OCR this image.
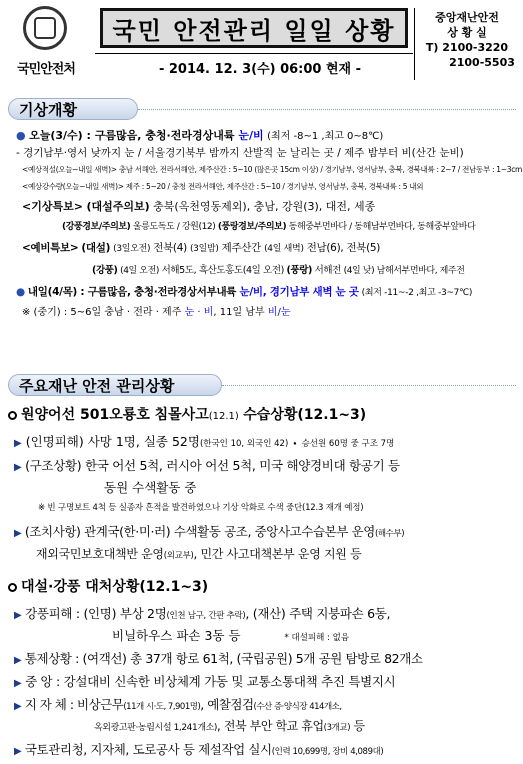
국민안전처
국민 안전관리 일일 상황
- 2014. 12. 3(수) 06:00 현재 -
중앙재난안전
상 황 실
T) 2100-3220
2100-5503
기상개황
● 오늘(3/수) : 구름많음, 충청·전라경상내륙 눈/비 (최저 -8~1 ,최고 0~8℃)
- 경기남부·영서 낮까지 눈 / 서울경기북부 밤까지 산발적 눈 날리는 곳 / 제주 밤부터 비(산간 눈비)
<예상적설(오늘~내일 새벽)> 충남 서해안, 전라서해안, 제주산간 : 5~10 (많은곳 15cm 이상) / 경기남부, 영서남부, 충북, 경북내륙 : 2~7 / 전남동부 : 1~3cm
<예상강수량(오늘~내일 새벽)> 제주 : 5~20 / 충청 전라서해안, 제주산간 : 5~10 / 경기남부, 영서남부, 충북, 경북내륙 : 5 내외
<기상특보> (대설주의보) 충북(옥천영동제외), 충남, 강원(3), 대전, 세종
(강풍경보/주의보) 울릉도독도 / 강원(12) (풍랑경보/주의보) 동해중부먼바다 / 동해남부먼바다, 동해중부앞바다
<예비특보> (대설) (3일오전) 전북(4) (3일밤) 제주산간 (4일 새벽) 전남(6), 전북(5)
(강풍) (4일 오전) 서해5도, 흑산도홍도(4일 오전) (풍랑) 서해전 (4일 낮) 남해서부먼바다, 제주전
● 내일(4/목) : 구름많음, 충청·전라경상서부내륙 눈/비, 경기남부 새벽 눈 곳 (최저 -11~-2 ,최고 -3~7℃)
※ (중기) : 5~6일 충남 · 전라 · 제주 눈 · 비, 11일 남부 비/눈
주요재난 안전 관리상황
원양어선 501오룡호 침몰사고(12.1) 수습상황(12.1~3)
▶ (인명피해) 사망 1명, 실종 52명(한국인 10, 외국인 42) ∙ 승선원 60명 중 구조 7명
▶ (구조상황) 한국 어선 5척, 러시아 어선 5척, 미국 해양경비대 항공기 등
동원 수색활동 중
※ 빈 구명보트 4척 등 실종자 흔적을 발견하였으나 기상 악화로 수색 중단(12.3 재개 예정)
▶ (조치사항) 관계국(한·미·러) 수색활동 공조, 중앙사고수습본부 운영(해수부)
재외국민보호대책반 운영(외교부), 민간 사고대책본부 운영 지원 등
대설·강풍 대처상황(12.1~3)
▶ 강풍피해 : (인명) 부상 2명(인천 남구, 간판 추락), (재산) 주택 지붕파손 6동,
비닐하우스 파손 3동 등	* 대설피해 : 없음
▶ 통제상황 : (여객선) 총 37개 항로 61척, (국립공원) 5개 공원 탐방로 82개소
▶ 중 앙 : 강설대비 신속한 비상체계 가동 및 교통소통대책 추진 특별지시
▶ 지 자 체 : 비상근무(11개 시·도, 7,901명), 예찰점검(수산 증·양식장 414개소,
옥외광고판·농림시설 1,241개소), 전북 부안 학교 휴업(3개교) 등
▶ 국토관리청, 지자체, 도로공사 등 제설작업 실시(인력 10,699명, 장비 4,089대)
